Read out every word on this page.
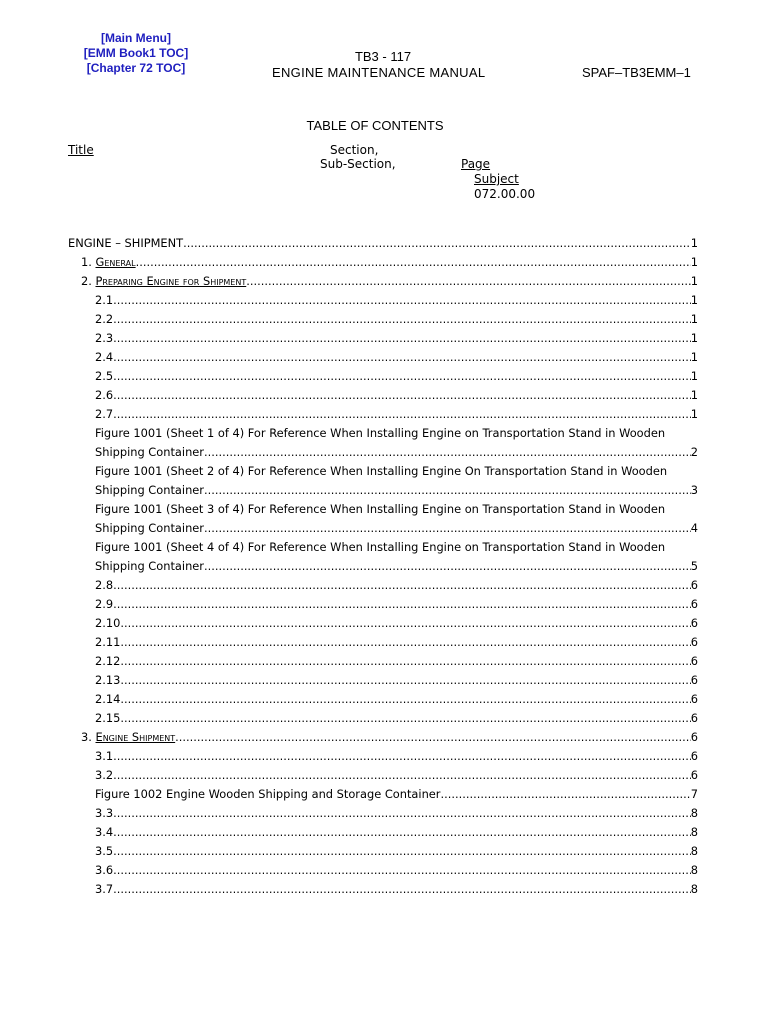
[Main Menu]
[EMM Book1 TOC]
[Chapter 72 TOC]
TB3 - 117
ENGINE MAINTENANCE MANUAL	SPAF–TB3EMM–1
TABLE OF CONTENTS
Title	Section,
Sub-Section,	Page
Subject
072.00.00
ENGINE – SHIPMENT .....	1
1. General .....	1
2. Preparing Engine for Shipment .....	1
2.1 .....	1
2.2 .....	1
2.3 .....	1
2.4 .....	1
2.5 .....	1
2.6 .....	1
2.7 .....	1
Figure 1001 (Sheet 1 of 4) For Reference When Installing Engine on Transportation Stand in Wooden
Shipping Container .....	2
Figure 1001 (Sheet 2 of 4) For Reference When Installing Engine On Transportation Stand in Wooden
Shipping Container .....	3
Figure 1001 (Sheet 3 of 4) For Reference When Installing Engine on Transportation Stand in Wooden
Shipping Container .....	4
Figure 1001 (Sheet 4 of 4) For Reference When Installing Engine on Transportation Stand in Wooden
Shipping Container .....	5
2.8 .....	6
2.9 .....	6
2.10 .....	6
2.11 .....	6
2.12 .....	6
2.13 .....	6
2.14 .....	6
2.15 .....	6
3. Engine Shipment .....	6
3.1 .....	6
3.2 .....	6
Figure 1002 Engine Wooden Shipping and Storage Container .....	7
3.3 .....	8
3.4 .....	8
3.5 .....	8
3.6 .....	8
3.7 .....	8
